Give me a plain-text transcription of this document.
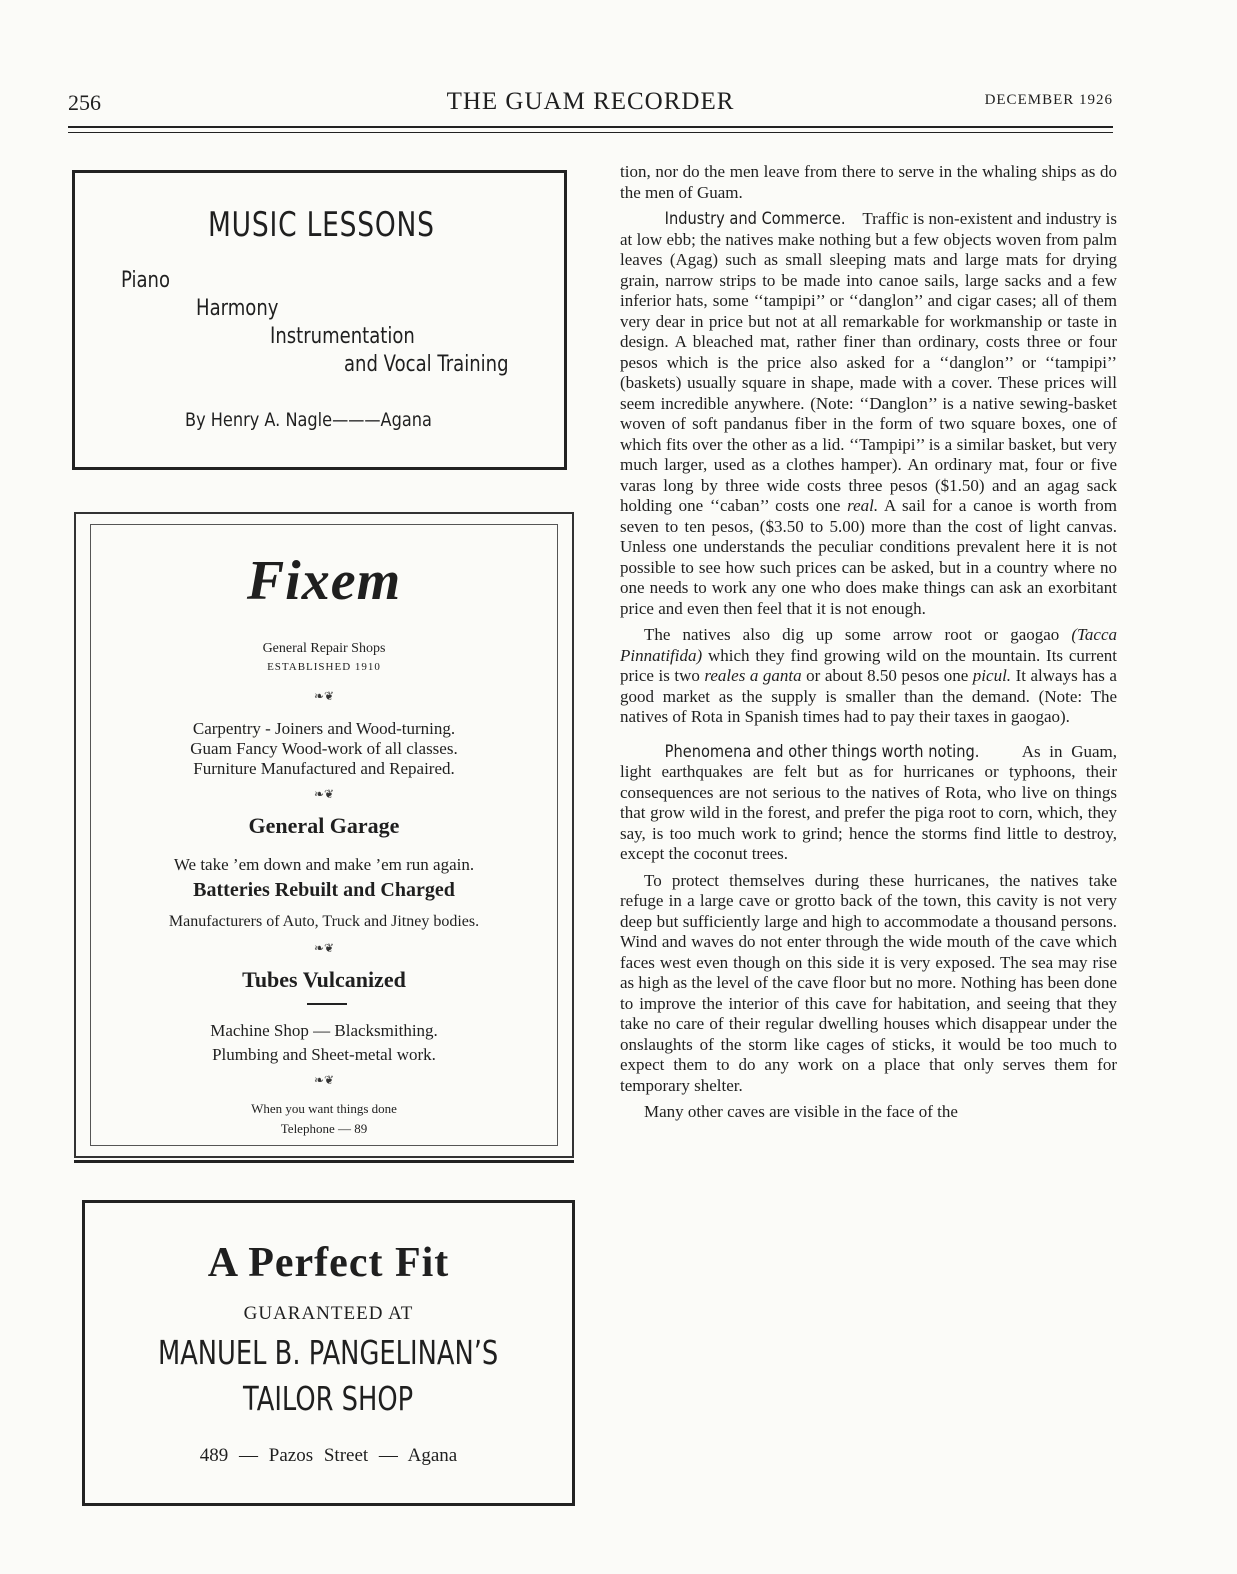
256	THE GUAM RECORDER	DECEMBER 1926
MUSIC LESSONS
Piano
Harmony
Instrumentation
and Vocal Training
By Henry A. Nagle———Agana
Fixem
General Repair Shops
ESTABLISHED 1910
❧❦
Carpentry - Joiners and Wood-turning.
Guam Fancy Wood-work of all classes.
Furniture Manufactured and Repaired.
❧❦
General Garage
We take ’em down and make ’em run again.
Batteries Rebuilt and Charged
Manufacturers of Auto, Truck and Jitney bodies.
❧❦
Tubes Vulcanized
Machine Shop — Blacksmithing.
Plumbing and Sheet-metal work.
❧❦
When you want things done
Telephone — 89
A Perfect Fit
GUARANTEED AT
MANUEL B. PANGELINAN’S
TAILOR SHOP
489 — Pazos Street — Agana

tion, nor do the men leave from there to serve in the whaling ships as do the men of Guam.

Industry and Commerce. Traffic is non-existent and industry is at low ebb; the natives make nothing but a few objects woven from palm leaves (Agag) such as small sleeping mats and large mats for drying grain, narrow strips to be made into canoe sails, large sacks and a few inferior hats, some ‘‘tampipi’’ or ‘‘danglon’’ and cigar cases; all of them very dear in price but not at all remarkable for workmanship or taste in design. A bleached mat, rather finer than ordinary, costs three or four pesos which is the price also asked for a ‘‘danglon’’ or ‘‘tampipi’’ (baskets) usually square in shape, made with a cover. These prices will seem incredible anywhere. (Note: ‘‘Danglon’’ is a native sewing-basket woven of soft pandanus fiber in the form of two square boxes, one of which fits over the other as a lid. ‘‘Tampipi’’ is a similar basket, but very much larger, used as a clothes hamper). An ordinary mat, four or five varas long by three wide costs three pesos ($1.50) and an agag sack holding one ‘‘caban’’ costs one real. A sail for a canoe is worth from seven to ten pesos, ($3.50 to 5.00) more than the cost of light canvas. Unless one understands the peculiar conditions prevalent here it is not possible to see how such prices can be asked, but in a country where no one needs to work any one who does make things can ask an exorbitant price and even then feel that it is not enough.

The natives also dig up some arrow root or gaogao (Tacca Pinnatifida) which they find growing wild on the mountain. Its current price is two reales a ganta or about 8.50 pesos one picul. It always has a good market as the supply is smaller than the demand. (Note: The natives of Rota in Spanish times had to pay their taxes in gaogao).

Phenomena and other things worth noting. As in Guam, light earthquakes are felt but as for hurricanes or typhoons, their consequences are not serious to the natives of Rota, who live on things that grow wild in the forest, and prefer the piga root to corn, which, they say, is too much work to grind; hence the storms find little to destroy, except the coconut trees.

To protect themselves during these hurricanes, the natives take refuge in a large cave or grotto back of the town, this cavity is not very deep but sufficiently large and high to accommodate a thousand persons. Wind and waves do not enter through the wide mouth of the cave which faces west even though on this side it is very exposed. The sea may rise as high as the level of the cave floor but no more. Nothing has been done to improve the interior of this cave for habitation, and seeing that they take no care of their regular dwelling houses which disappear under the onslaughts of the storm like cages of sticks, it would be too much to expect them to do any work on a place that only serves them for temporary shelter.

Many other caves are visible in the face of the
